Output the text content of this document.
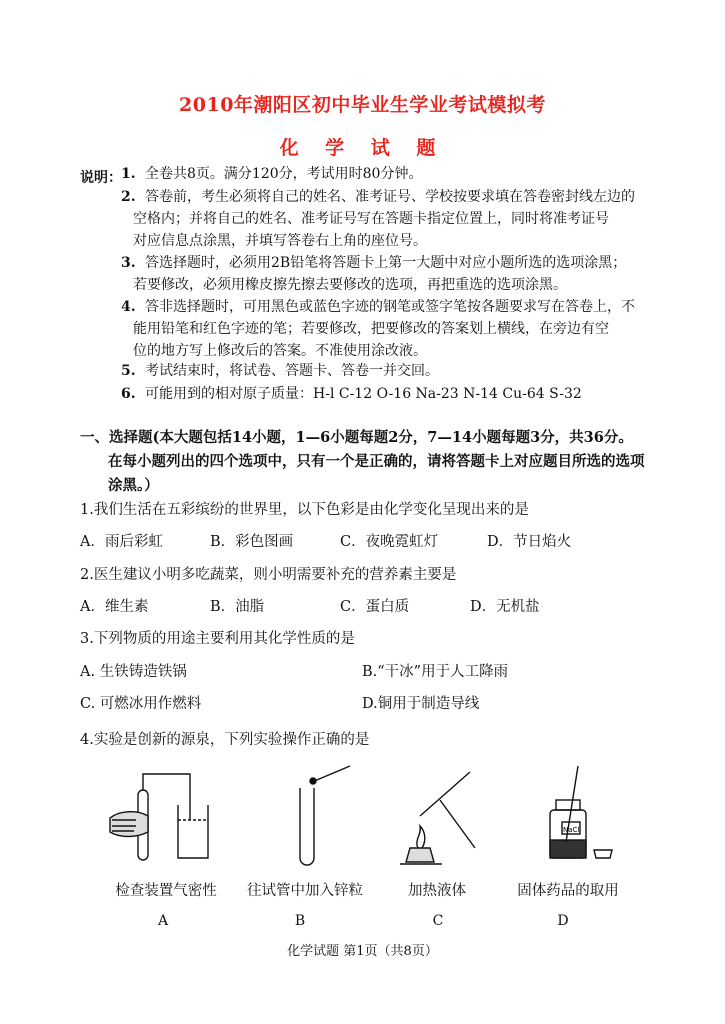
2010年潮阳区初中毕业生学业考试模拟考
化 学 试 题
说明： 1. 全卷共8页。满分120分，考试用时80分钟。
2. 答卷前，考生必须将自己的姓名、准考证号、学校按要求填在答卷密封线左边的
空格内；并将自己的姓名、准考证号写在答题卡指定位置上，同时将准考证号
对应信息点涂黑，并填写答卷右上角的座位号。
3. 答选择题时，必须用2B铅笔将答题卡上第一大题中对应小题所选的选项涂黑；
若要修改，必须用橡皮擦先擦去要修改的选项，再把重选的选项涂黑。
4. 答非选择题时，可用黑色或蓝色字迹的钢笔或签字笔按各题要求写在答卷上，不
能用铅笔和红色字迹的笔；若要修改，把要修改的答案划上横线，在旁边有空
位的地方写上修改后的答案。不准使用涂改液。
5. 考试结束时，将试卷、答题卡、答卷一并交回。
6. 可能用到的相对原子质量：H-l C-12 O-16 Na-23 N-14 Cu-64 S-32
一、选择题(本大题包括14小题，1—6小题每题2分，7—14小题每题3分，共36分。
在每小题列出的四个选项中，只有一个是正确的，请将答题卡上对应题目所选的选项
涂黑。）
1.我们生活在五彩缤纷的世界里，以下色彩是由化学变化呈现出来的是
A．雨后彩虹	B．彩色图画	C．夜晚霓虹灯	D．节日焰火
2.医生建议小明多吃蔬菜，则小明需要补充的营养素主要是
A．维生素	B．油脂	C．蛋白质	D．无机盐
3.下列物质的用途主要利用其化学性质的是
A. 生铁铸造铁锅	B.“干冰”用于人工降雨
C. 可燃冰用作燃料	D.铜用于制造导线
4.实验是创新的源泉，下列实验操作正确的是
NaCl
检查装置气密性	往试管中加入锌粒	加热液体	固体药品的取用
A	B	C	D
化学试题 第1页（共8页）
